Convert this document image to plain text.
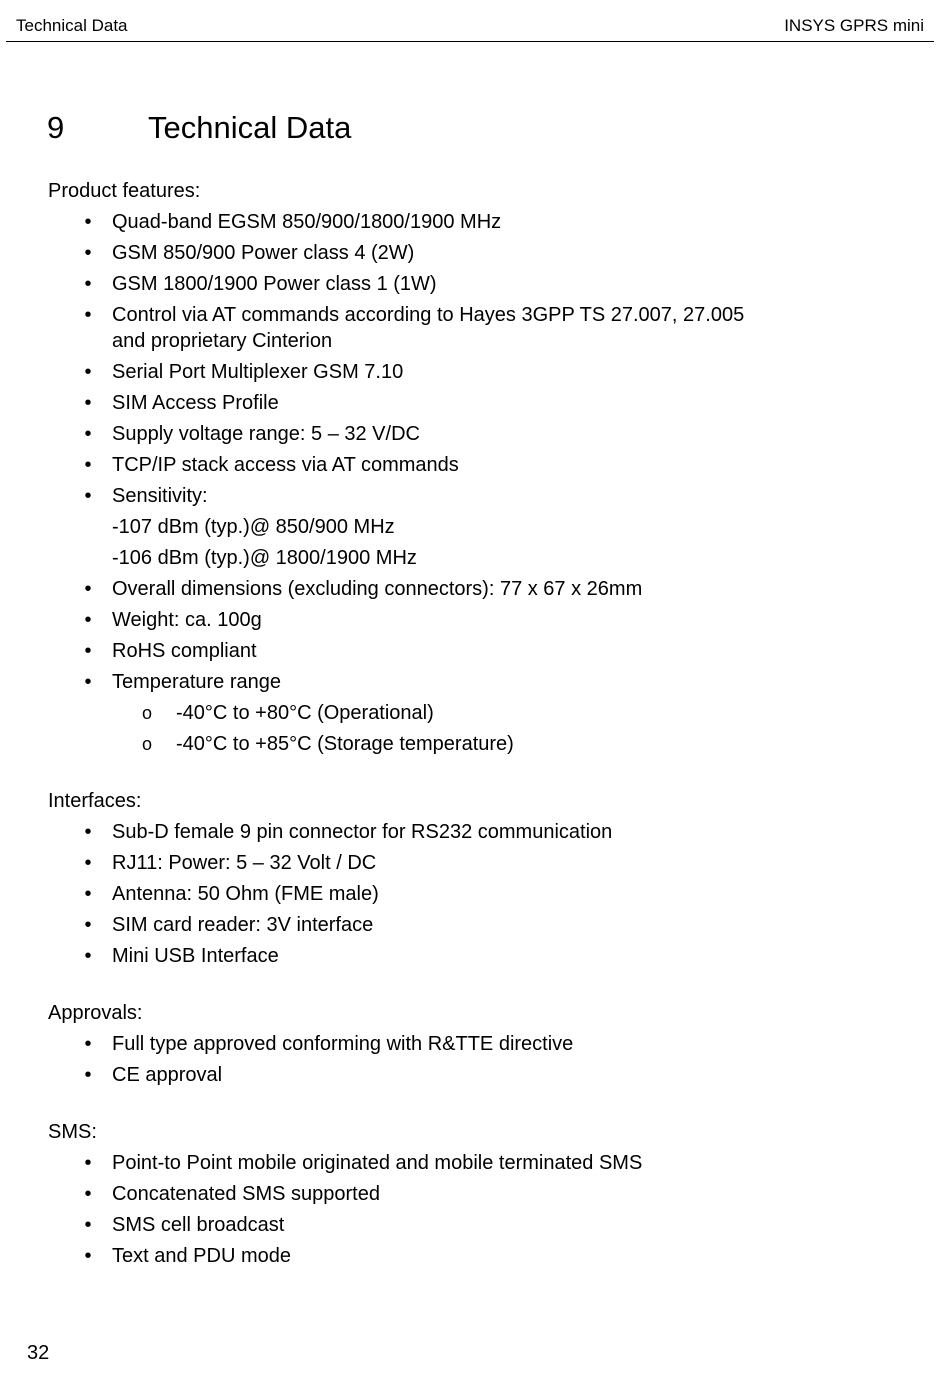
Technical Data	INSYS GPRS mini
9	Technical Data
Product features:
• Quad-band EGSM 850/900/1800/1900 MHz
• GSM 850/900 Power class 4 (2W)
• GSM 1800/1900 Power class 1 (1W)
• Control via AT commands according to Hayes 3GPP TS 27.007, 27.005 and proprietary Cinterion
• Serial Port Multiplexer GSM 7.10
• SIM Access Profile
• Supply voltage range: 5 – 32 V/DC
• TCP/IP stack access via AT commands
• Sensitivity:
-107 dBm (typ.)@ 850/900 MHz
-106 dBm (typ.)@ 1800/1900 MHz
• Overall dimensions (excluding connectors): 77 x 67 x 26mm
• Weight: ca. 100g
• RoHS compliant
• Temperature range
o -40°C to +80°C (Operational)
o -40°C to +85°C (Storage temperature)
Interfaces:
• Sub-D female 9 pin connector for RS232 communication
• RJ11: Power: 5 – 32 Volt / DC
• Antenna: 50 Ohm (FME male)
• SIM card reader: 3V interface
• Mini USB Interface
Approvals:
• Full type approved conforming with R&TTE directive
• CE approval
SMS:
• Point-to Point mobile originated and mobile terminated SMS
• Concatenated SMS supported
• SMS cell broadcast
• Text and PDU mode
32
